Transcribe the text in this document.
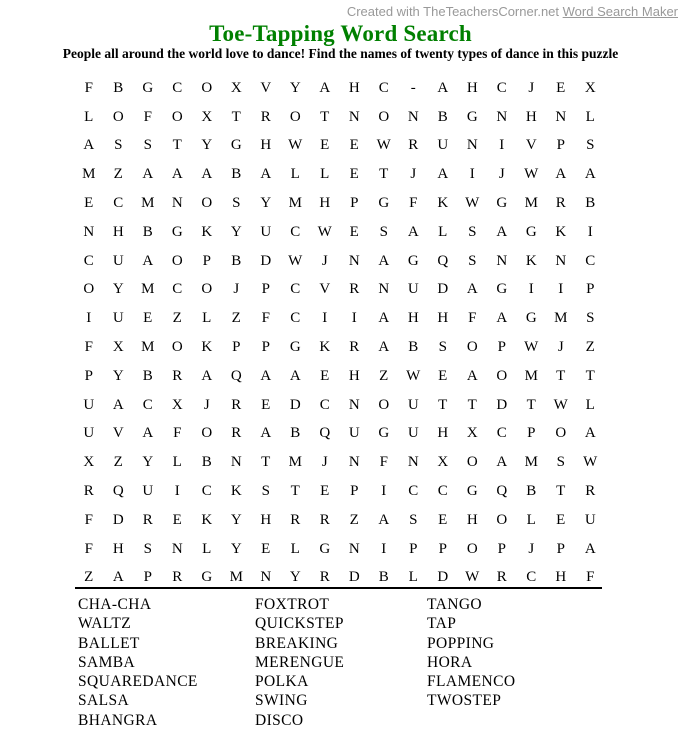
Created with TheTeachersCorner.net Word Search Maker
Toe-Tapping Word Search
People all around the world love to dance! Find the names of twenty types of dance in this puzzle
F	B	G	C	O	X	V	Y	A	H	C	-	A	H	C	J	E	X
L	O	F	O	X	T	R	O	T	N	O	N	B	G	N	H	N	L
A	S	S	T	Y	G	H	W	E	E	W	R	U	N	I	V	P	S
M	Z	A	A	A	B	A	L	L	E	T	J	A	I	J	W	A	A
E	C	M	N	O	S	Y	M	H	P	G	F	K	W	G	M	R	B
N	H	B	G	K	Y	U	C	W	E	S	A	L	S	A	G	K	I
C	U	A	O	P	B	D	W	J	N	A	G	Q	S	N	K	N	C
O	Y	M	C	O	J	P	C	V	R	N	U	D	A	G	I	I	P
I	U	E	Z	L	Z	F	C	I	I	A	H	H	F	A	G	M	S
F	X	M	O	K	P	P	G	K	R	A	B	S	O	P	W	J	Z
P	Y	B	R	A	Q	A	A	E	H	Z	W	E	A	O	M	T	T
U	A	C	X	J	R	E	D	C	N	O	U	T	T	D	T	W	L
U	V	A	F	O	R	A	B	Q	U	G	U	H	X	C	P	O	A
X	Z	Y	L	B	N	T	M	J	N	F	N	X	O	A	M	S	W
R	Q	U	I	C	K	S	T	E	P	I	C	C	G	Q	B	T	R
F	D	R	E	K	Y	H	R	R	Z	A	S	E	H	O	L	E	U
F	H	S	N	L	Y	E	L	G	N	I	P	P	O	P	J	P	A
Z	A	P	R	G	M	N	Y	R	D	B	L	D	W	R	C	H	F
CHA-CHA
WALTZ
BALLET
SAMBA
SQUAREDANCE
SALSA
BHANGRA
FOXTROT
QUICKSTEP
BREAKING
MERENGUE
POLKA
SWING
DISCO
TANGO
TAP
POPPING
HORA
FLAMENCO
TWOSTEP
